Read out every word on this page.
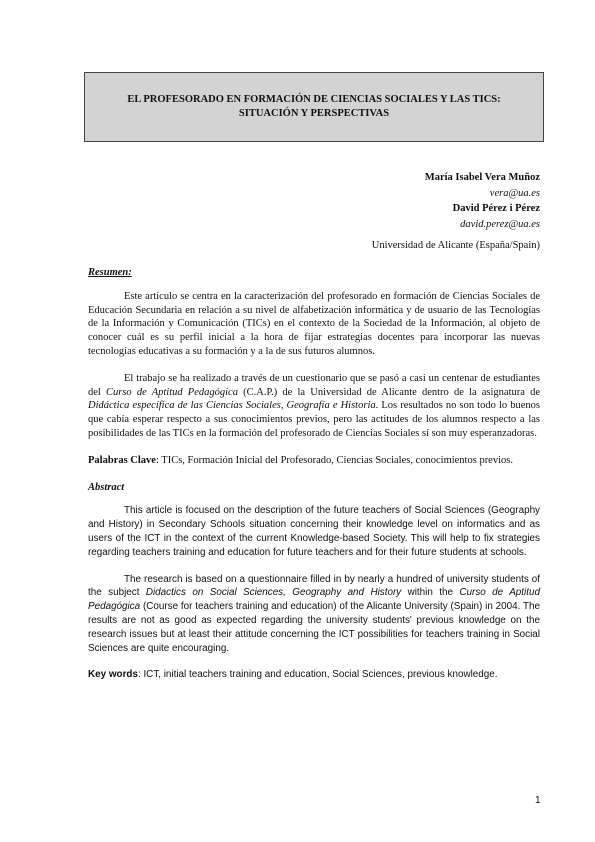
EL PROFESORADO EN FORMACIÓN DE CIENCIAS SOCIALES Y LAS TICS:
SITUACIÓN Y PERSPECTIVAS
María Isabel Vera Muñoz
vera@ua.es
David Pérez i Pérez
david.perez@ua.es
Universidad de Alicante (España/Spain)
Resumen:

Este artículo se centra en la caracterización del profesorado en formación de Ciencias Sociales de Educación Secundaria en relación a su nivel de alfabetización informática y de usuario de las Tecnologías de la Información y Comunicación (TICs) en el contexto de la Sociedad de la Información, al objeto de conocer cuál es su perfil inicial a la hora de fijar estrategias docentes para incorporar las nuevas tecnologías educativas a su formación y a la de sus futuros alumnos.

El trabajo se ha realizado a través de un cuestionario que se pasó a casi un centenar de estudiantes del Curso de Aptitud Pedagógica (C.A.P.) de la Universidad de Alicante dentro de la asignatura de Didáctica específica de las Ciencias Sociales, Geografía e Historia. Los resultados no son todo lo buenos que cabía esperar respecto a sus conocimientos previos, pero las actitudes de los alumnos respecto a las posibilidades de las TICs en la formación del profesorado de Ciencias Sociales sí son muy esperanzadoras.

Palabras Clave: TICs, Formación Inicial del Profesorado, Ciencias Sociales, conocimientos previos.

Abstract

This article is focused on the description of the future teachers of Social Sciences (Geography and History) in Secondary Schools situation concerning their knowledge level on informatics and as users of the ICT in the context of the current Knowledge-based Society. This will help to fix strategies regarding teachers training and education for future teachers and for their future students at schools.

The research is based on a questionnaire filled in by nearly a hundred of university students of the subject Didactics on Social Sciences, Geography and History within the Curso de Aptitud Pedagógica (Course for teachers training and education) of the Alicante University (Spain) in 2004. The results are not as good as expected regarding the university students' previous knowledge on the research issues but at least their attitude concerning the ICT possibilities for teachers training in Social Sciences are quite encouraging.

Key words: ICT, initial teachers training and education, Social Sciences, previous knowledge.

1
